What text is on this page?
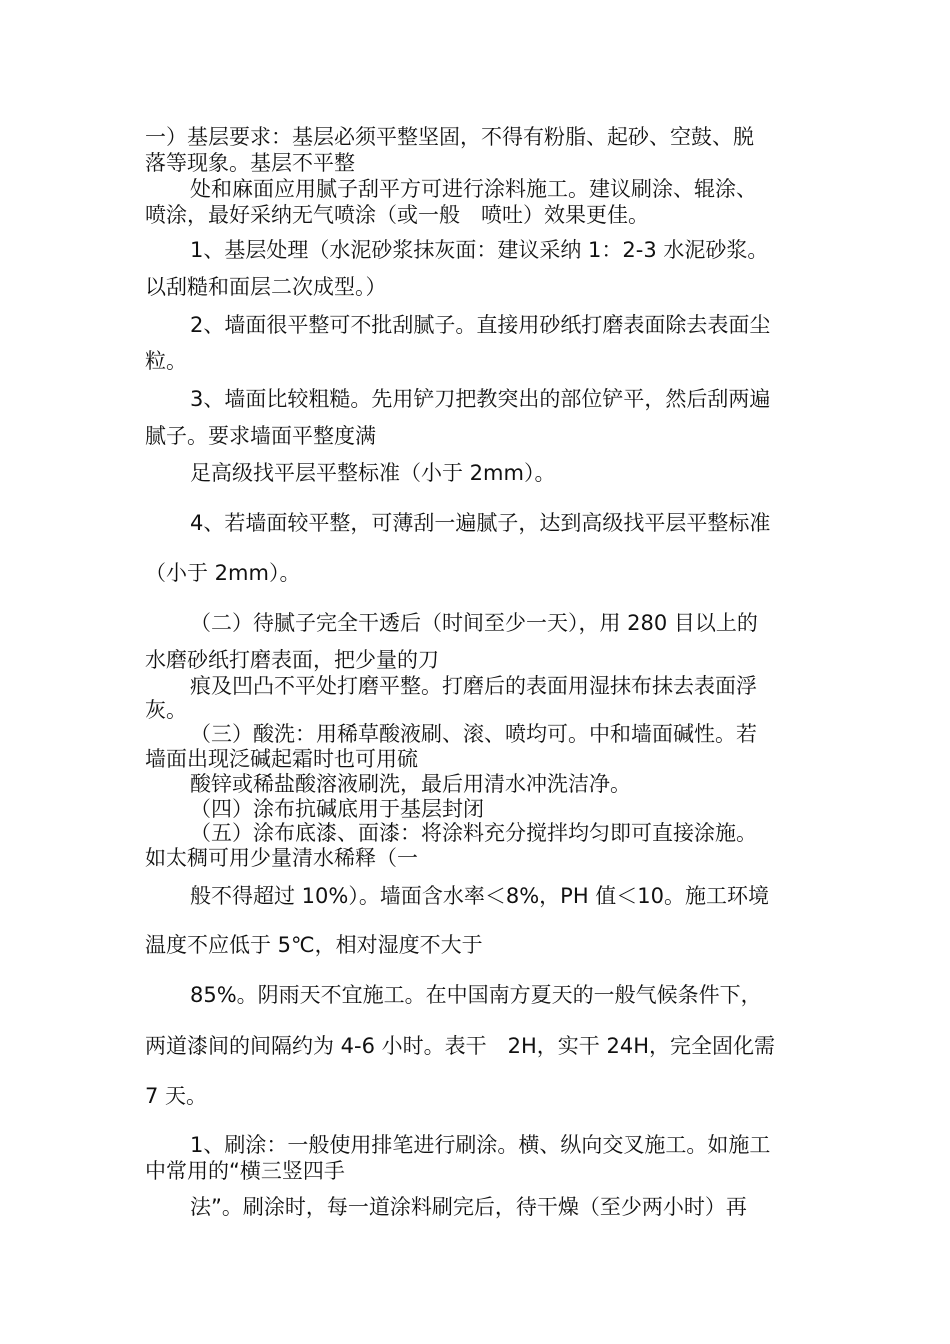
一）基层要求：基层必须平整坚固，不得有粉脂、起砂、空鼓、脱
落等现象。基层不平整
处和麻面应用腻子刮平方可进行涂料施工。建议刷涂、辊涂、
喷涂，最好采纳无气喷涂（或一般　喷吐）效果更佳。
1、基层处理（水泥砂浆抹灰面：建议采纳 1：2-3 水泥砂浆。
以刮糙和面层二次成型。）
2、墙面很平整可不批刮腻子。直接用砂纸打磨表面除去表面尘
粒。
3、墙面比较粗糙。先用铲刀把教突出的部位铲平，然后刮两遍
腻子。要求墙面平整度满
足高级找平层平整标准（小于 2mm）。
4、若墙面较平整，可薄刮一遍腻子，达到高级找平层平整标准
（小于 2mm）。
（二）待腻子完全干透后（时间至少一天），用 280 目以上的
水磨砂纸打磨表面，把少量的刀
痕及凹凸不平处打磨平整。打磨后的表面用湿抹布抹去表面浮
灰。
（三）酸洗：用稀草酸液刷、滚、喷均可。中和墙面碱性。若
墙面出现泛碱起霜时也可用硫
酸锌或稀盐酸溶液刷洗，最后用清水冲洗洁净。
（四）涂布抗碱底用于基层封闭
（五）涂布底漆、面漆：将涂料充分搅拌均匀即可直接涂施。
如太稠可用少量清水稀释（一
般不得超过 10%）。墙面含水率＜8%，PH 值＜10。施工环境
温度不应低于 5℃，相对湿度不大于
85%。阴雨天不宜施工。在中国南方夏天的一般气候条件下，
两道漆间的间隔约为 4-6 小时。表干　2H，实干 24H，完全固化需
7 天。
1、刷涂：一般使用排笔进行刷涂。横、纵向交叉施工。如施工
中常用的“横三竖四手
法”。刷涂时，每一道涂料刷完后，待干燥（至少两小时）再
